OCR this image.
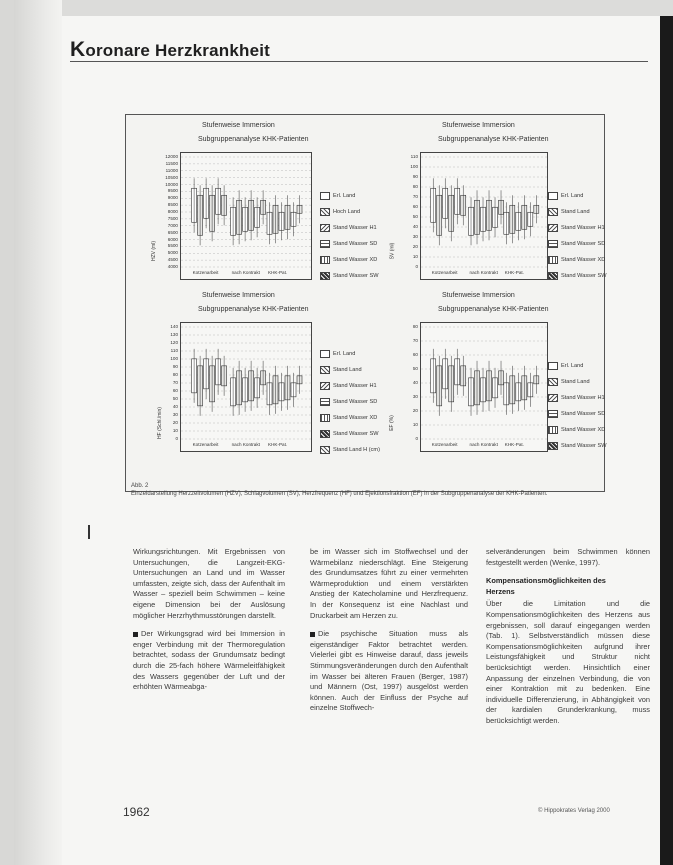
Koronare Herzkrankheit
Stufenweise Immersion
Subgruppenanalyse KHK-Patienten
12000
11500
11000
10500
10000
9500
9000
8500
8000
7500
7000
6500
6000
5500
5000
4500
4000
Kotzenarbeit	nach Kontrakt KHK-Pat.
HZV (ml)
Erl. Land
Hoch Land
Stand Wasser H1
Stand Wasser SD
Stand Wasser XD
Stand Wasser SW
Stufenweise Immersion
Subgruppenanalyse KHK-Patienten
110
100
90
80
70
60
50
40
30
20
10
0
Kotzenarbeit	nach Kontrakt KHK-Pat.
SV (ml)
Erl. Land
Stand Land
Stand Wasser H1
Stand Wasser SD
Stand Wasser XD
Stand Wasser SW
Stufenweise Immersion
Subgruppenanalyse KHK-Patienten
140
130
120
110
100
90
80
70
60
50
40
30
20
10
0
Kotzenarbeit	nach Kontrakt KHK-Pat.
HF (Schl./min)
Erl. Land
Stand Land
Stand Wasser H1
Stand Wasser SD
Stand Wasser XD
Stand Wasser SW
Stand Land H (cm)
Stufenweise Immersion
Subgruppenanalyse KHK-Patienten
80
70
60
50
40
30
20
10
0
Kotzenarbeit	nach Kontrakt KHK-Pat.
EF (%)
Erl. Land
Stand Land
Stand Wasser H1
Stand Wasser SD
Stand Wasser XD
Stand Wasser SW
Abb. 2
Einzeldarstellung Herzzeitvolumen (HZV), Schlagvolumen (SV), Herzfrequenz (HF) und Ejektionsfraktion (EF) in der Subgruppenanalyse der KHK-Patienten.

Wirkungsrichtungen. Mit Ergebnissen von Untersuchungen, die Langzeit-EKG-Untersuchungen an Land und im Wasser umfassten, zeigte sich, dass der Aufenthalt im Wasser – speziell beim Schwimmen – keine eigene Dimension bei der Auslösung möglicher Herzrhythmusstörungen darstellt.

Der Wirkungsgrad wird bei Immersion in enger Verbindung mit der Thermoregulation betrachtet, sodass der Grundumsatz bedingt durch die 25-fach höhere Wärmeleitfähigkeit des Wassers gegenüber der Luft und der erhöhten Wärmeabga-

be im Wasser sich im Stoffwechsel und der Wärmebilanz niederschlägt. Eine Steigerung des Grundumsatzes führt zu einer vermehrten Wärmeproduktion und einem verstärkten Anstieg der Katecholamine und Herzfrequenz. In der Konsequenz ist eine Nachlast und Druckarbeit am Herzen zu.

Die psychische Situation muss als eigenständiger Faktor betrachtet werden. Vielerlei gibt es Hinweise darauf, dass jeweils Stimmungsveränderungen durch den Aufenthalt im Wasser bei älteren Frauen (Berger, 1987) und Männern (Ost, 1997) ausgelöst werden können. Auch der Einfluss der Psyche auf einzelne Stoffwech-

selveränderungen beim Schwimmen können festgestellt werden (Wenke, 1997).

Kompensationsmöglichkeiten des
Herzens

Über die Limitation und die Kompensationsmöglichkeiten des Herzens aus ergebnissen, soll darauf eingegangen werden (Tab. 1). Selbstverständlich müssen diese Kompensationsmöglichkeiten aufgrund ihrer Leistungsfähigkeit und Struktur nicht berücksichtigt werden. Hinsichtlich einer Anpassung der einzelnen Verbindung, die von einer Kontraktion mit zu bedenken. Eine individuelle Differenzierung, in Abhängigkeit von der kardialen Grunderkrankung, muss berücksichtigt werden.

1962	© Hippokrates Verlag 2000
